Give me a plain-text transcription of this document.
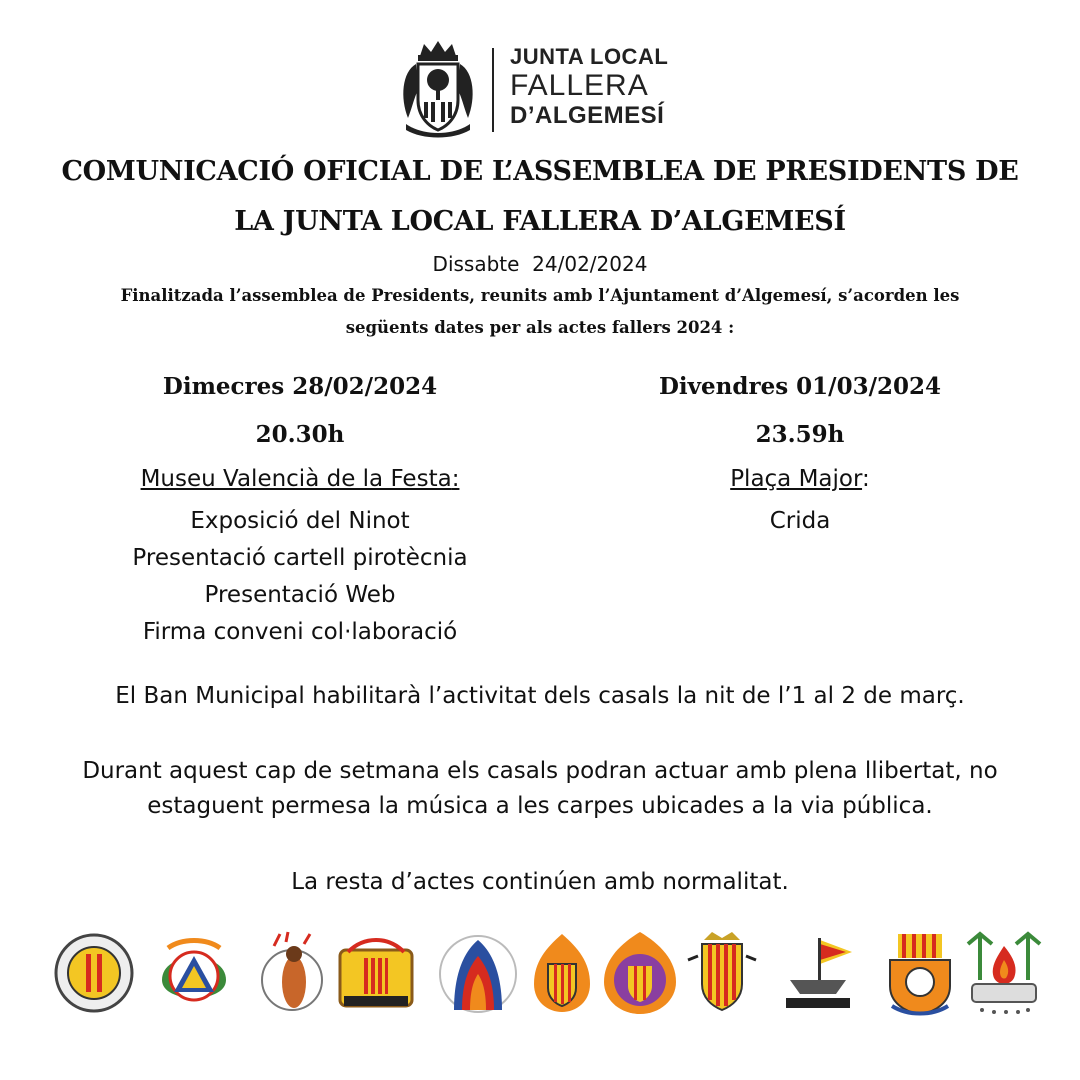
JUNTA LOCAL
FALLERA
D’ALGEMESÍ
COMUNICACIÓ OFICIAL DE L’ASSEMBLEA DE PRESIDENTS DE
LA JUNTA LOCAL FALLERA D’ALGEMESÍ
Dissabte  24/02/2024
Finalitzada l’assemblea de Presidents, reunits amb l’Ajuntament d’Algemesí, s’acorden les
següents dates per als actes fallers 2024 :
Dimecres 28/02/2024
20.30h
Museu Valencià de la Festa:
Exposició del Ninot
Presentació cartell pirotècnia
Presentació Web
Firma conveni col·laboració
Divendres 01/03/2024
23.59h
Plaça Major:
Crida
El Ban Municipal habilitarà l’activitat dels casals la nit de l’1 al 2 de març.
Durant aquest cap de setmana els casals podran actuar amb plena llibertat, no estaguent permesa la música a les carpes ubicades a la via pública.
La resta d’actes continúen amb normalitat.
